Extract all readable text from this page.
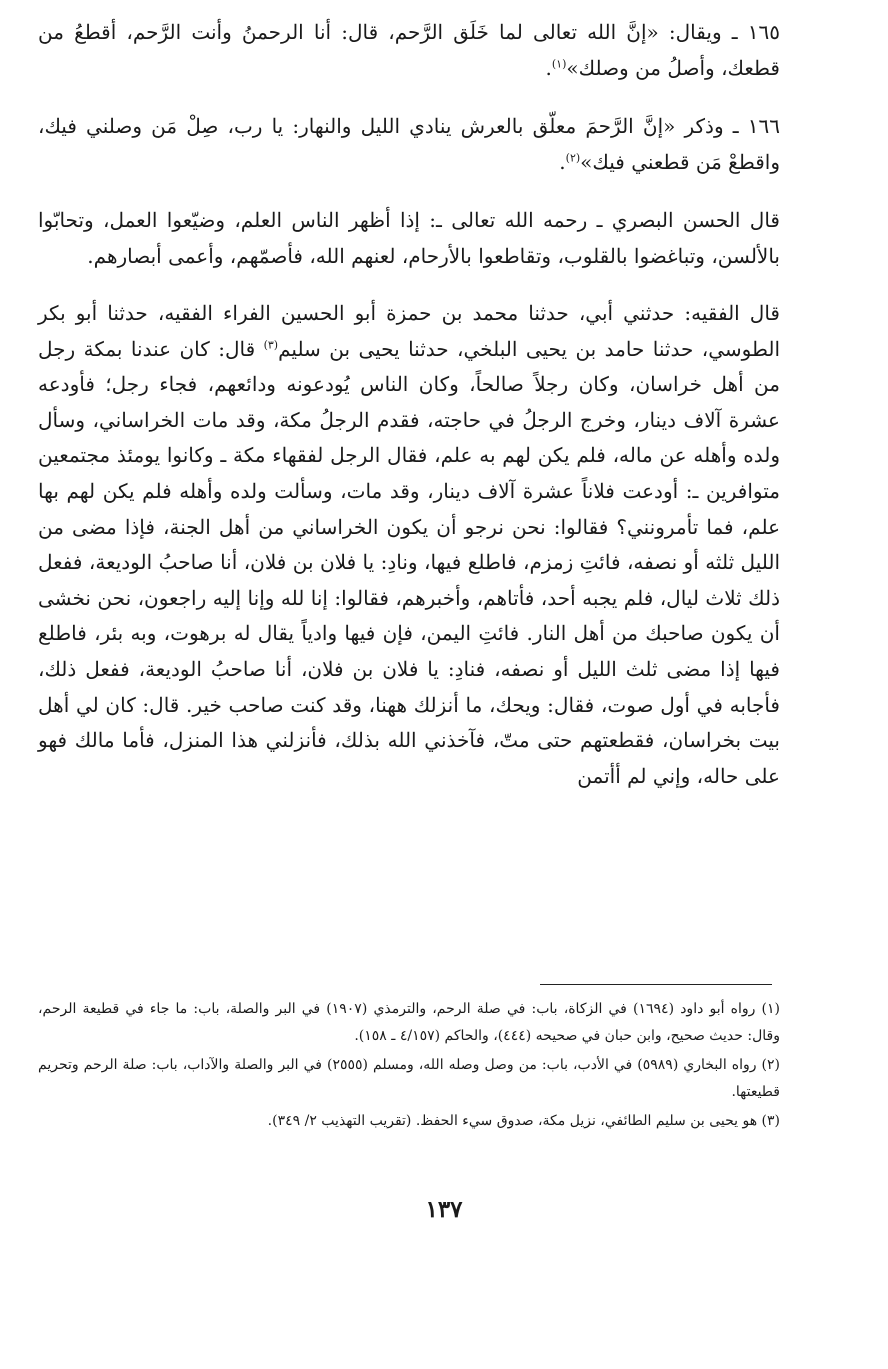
١٦٥ ـ ويقال: «إنَّ الله تعالى لما خَلَق الرَّحم، قال: أنا الرحمنُ وأنت الرَّحم، أقطعُ من قطعك، وأصلُ من وصلك»$^{(١)}$.

١٦٦ ـ وذكر «إنَّ الرَّحمَ معلّق بالعرش ينادي الليل والنهار: يا رب، صِلْ مَن وصلني فيك، واقطعْ مَن قطعني فيك»$^{(٢)}$.

قال الحسن البصري ـ رحمه الله تعالى ـ: إذا أظهر الناس العلم، وضيّعوا العمل، وتحابّوا بالألسن، وتباغضوا بالقلوب، وتقاطعوا بالأرحام، لعنهم الله، فأصمّهم، وأعمى أبصارهم.

قال الفقيه: حدثني أبي، حدثنا محمد بن حمزة أبو الحسين الفراء الفقيه، حدثنا أبو بكر الطوسي، حدثنا حامد بن يحيى البلخي، حدثنا يحيى بن سليم$^{(٣)}$ قال: كان عندنا بمكة رجل من أهل خراسان، وكان رجلاً صالحاً، وكان الناس يُودعونه ودائعهم، فجاء رجل؛ فأودعه عشرة آلاف دينار، وخرج الرجلُ في حاجته، فقدم الرجلُ مكة، وقد مات الخراساني، وسأل ولده وأهله عن ماله، فلم يكن لهم به علم، فقال الرجل لفقهاء مكة ـ وكانوا يومئذ مجتمعين متوافرين ـ: أودعت فلاناً عشرة آلاف دينار، وقد مات، وسألت ولده وأهله فلم يكن لهم بها علم، فما تأمرونني؟ فقالوا: نحن نرجو أن يكون الخراساني من أهل الجنة، فإذا مضى من الليل ثلثه أو نصفه، فائتِ زمزم، فاطلع فيها، ونادِ: يا فلان بن فلان، أنا صاحبُ الوديعة، ففعل ذلك ثلاث ليال، فلم يجبه أحد، فأتاهم، وأخبرهم، فقالوا: إنا لله وإنا إليه راجعون، نحن نخشى أن يكون صاحبك من أهل النار. فائتِ اليمن، فإن فيها وادياً يقال له برهوت، وبه بئر، فاطلع فيها إذا مضى ثلث الليل أو نصفه، فنادِ: يا فلان بن فلان، أنا صاحبُ الوديعة، ففعل ذلك، فأجابه في أول صوت، فقال: ويحك، ما أنزلك ههنا، وقد كنت صاحب خير. قال: كان لي أهل بيت بخراسان، فقطعتهم حتى متّ، فآخذني الله بذلك، فأنزلني هذا المنزل، فأما مالك فهو على حاله، وإني لم أأتمن

(١) رواه أبو داود (١٦٩٤) في الزكاة، باب: في صلة الرحم، والترمذي (١٩٠٧) في البر والصلة، باب: ما جاء في قطيعة الرحم، وقال: حديث صحيح، وابن حبان في صحيحه (٤٤٤)، والحاكم (٤/١٥٧ ـ ١٥٨).

(٢) رواه البخاري (٥٩٨٩) في الأدب، باب: من وصل وصله الله، ومسلم (٢٥٥٥) في البر والصلة والآداب، باب: صلة الرحم وتحريم قطيعتها.

(٣) هو يحيى بن سليم الطائفي، نزيل مكة، صدوق سيء الحفظ. (تقريب التهذيب ٢/ ٣٤٩).

١٣٧
